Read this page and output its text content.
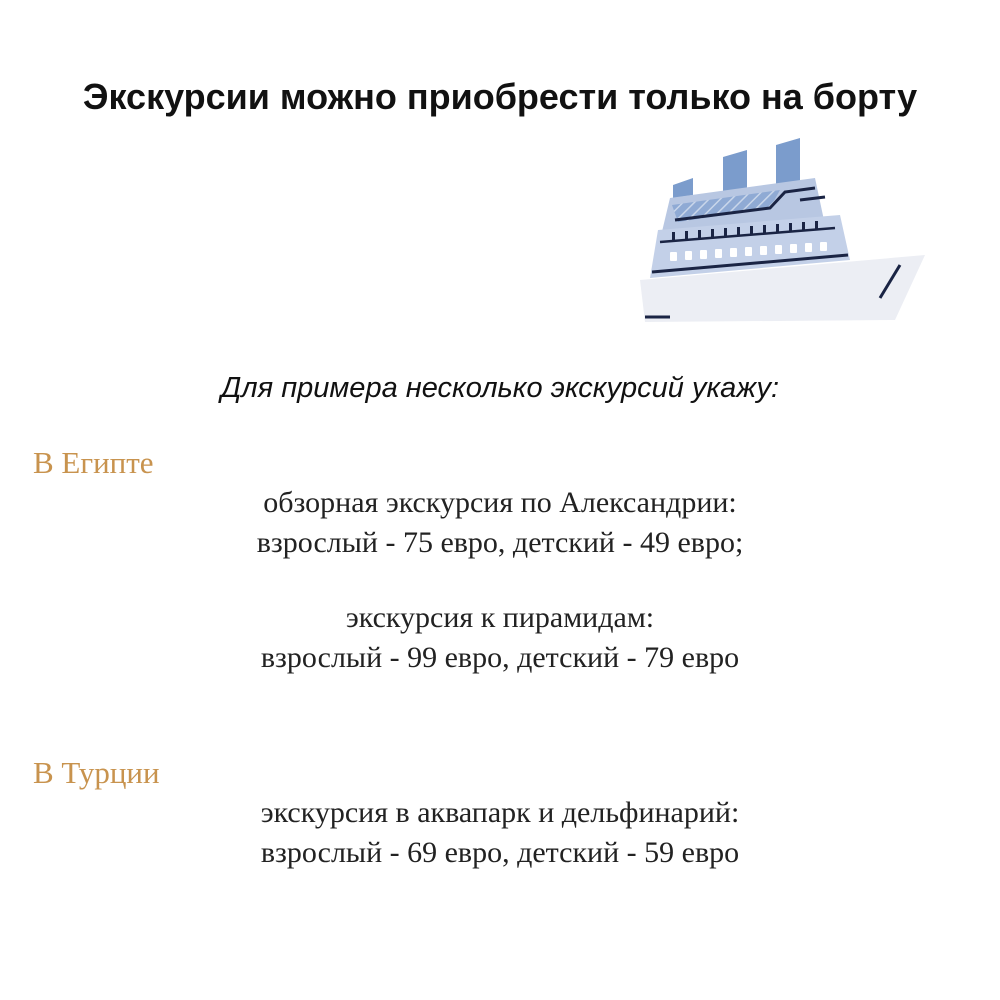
Экскурсии можно приобрести только на борту

Для примера несколько экскурсий укажу:

В Египте

обзорная экскурсия по Александрии:
взрослый - 75 евро, детский - 49 евро;
экскурсия к пирамидам:
взрослый - 99 евро, детский - 79 евро

В Турции

экскурсия в аквапарк и дельфинарий:
взрослый - 69 евро, детский - 59 евро
